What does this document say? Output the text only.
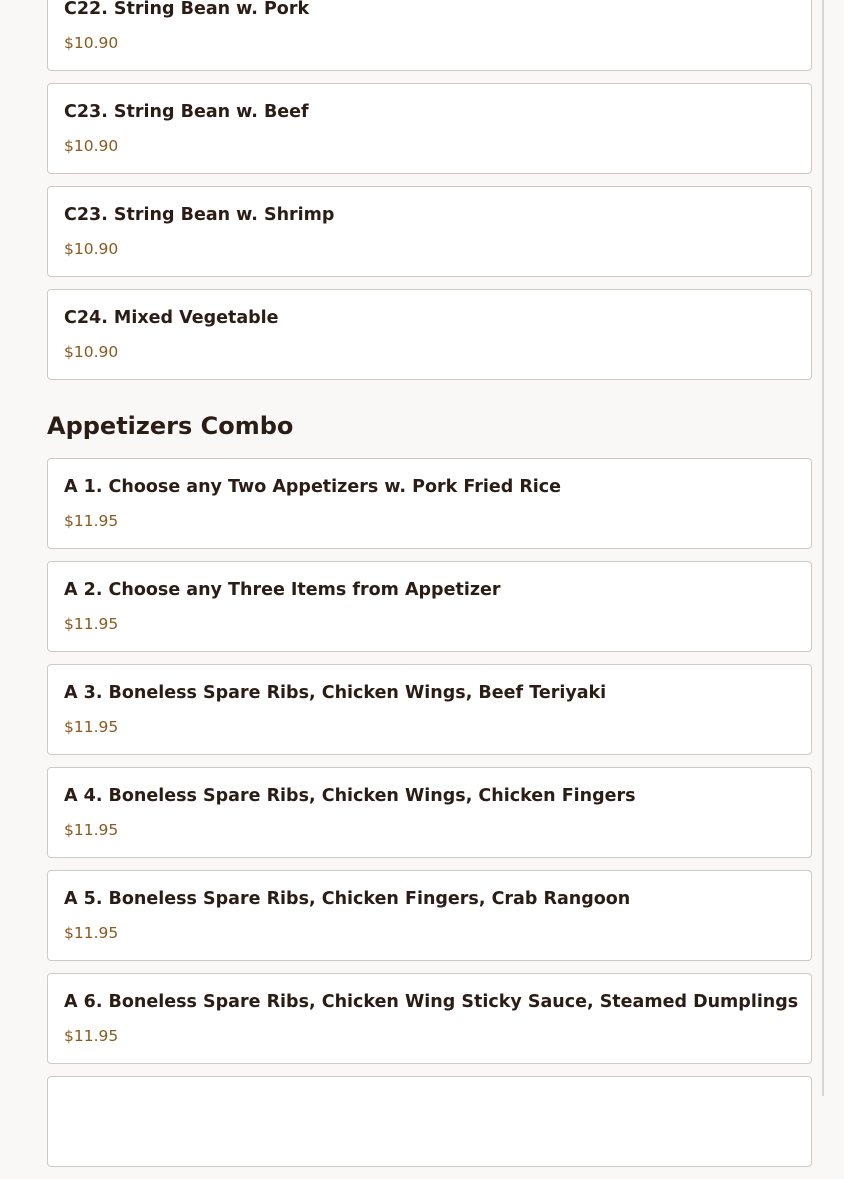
C22. String Bean w. Pork
$10.90
C23. String Bean w. Beef
$10.90
C23. String Bean w. Shrimp
$10.90
C24. Mixed Vegetable
$10.90
Appetizers Combo
A 1. Choose any Two Appetizers w. Pork Fried Rice
$11.95
A 2. Choose any Three Items from Appetizer
$11.95
A 3. Boneless Spare Ribs, Chicken Wings, Beef Teriyaki
$11.95
A 4. Boneless Spare Ribs, Chicken Wings, Chicken Fingers
$11.95
A 5. Boneless Spare Ribs, Chicken Fingers, Crab Rangoon
$11.95
A 6. Boneless Spare Ribs, Chicken Wing Sticky Sauce, Steamed Dumplings
$11.95
